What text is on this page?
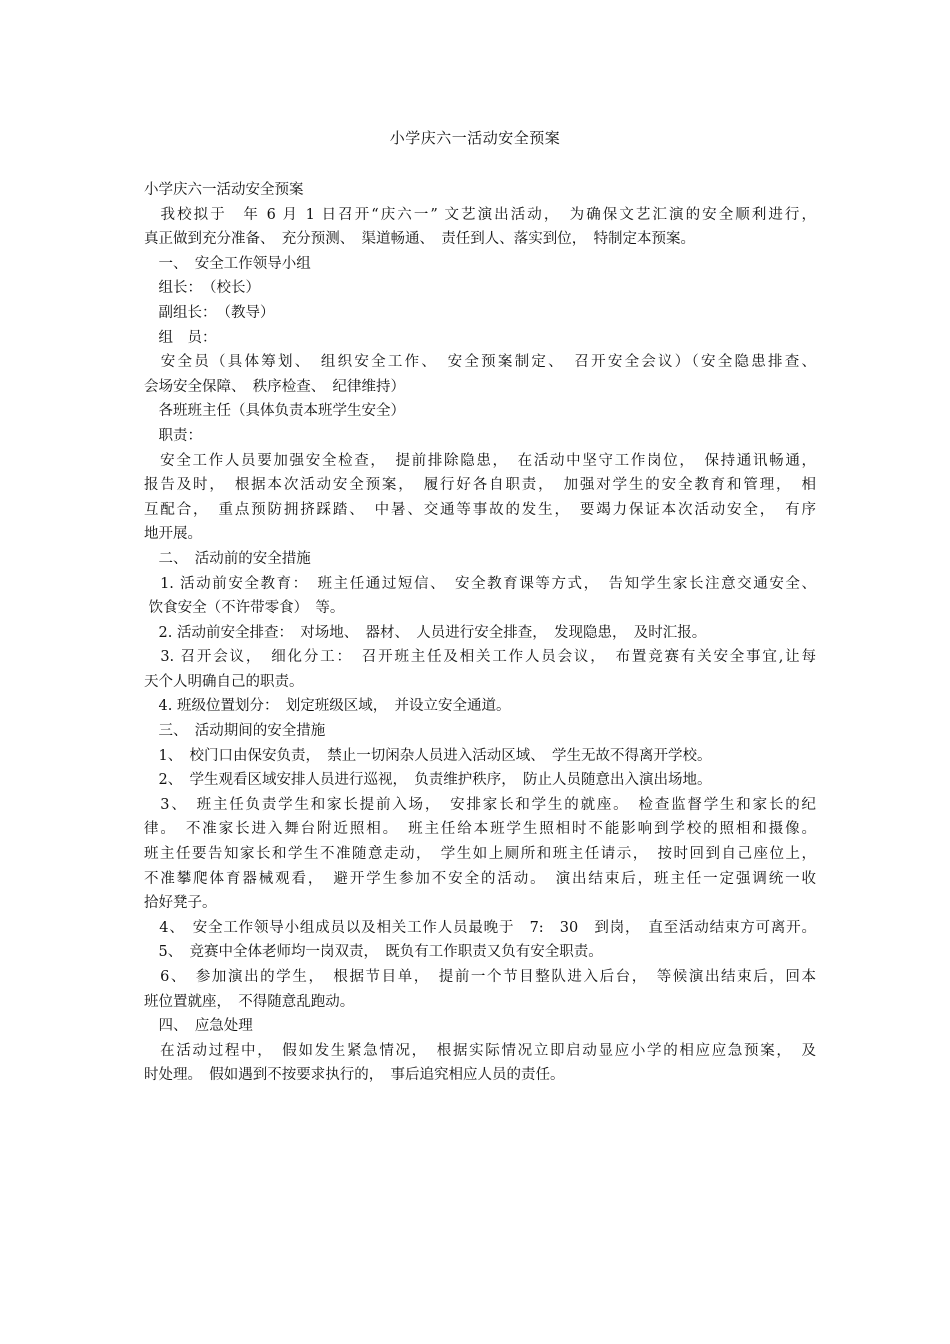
小学庆六一活动安全预案
小学庆六一活动安全预案
　我校拟于　年 6 月 1 日召开“庆六一” 文艺演出活动，　为确保文艺汇演的安全顺利进行，
真正做到充分准备、　充分预测、　渠道畅通、　责任到人、落实到位，　特制定本预案。
　一、　安全工作领导小组
　组长：　（校长）
　副组长：　（教导）
　组　员：
　安全员（具体筹划、　组织安全工作、　安全预案制定、　召开安全会议）（安全隐患排查、
会场安全保障、　秩序检查、　纪律维持）
　各班班主任（具体负责本班学生安全）
　职责：
　安全工作人员要加强安全检查，　提前排除隐患，　在活动中坚守工作岗位，　保持通讯畅通，
报告及时，　根据本次活动安全预案，　履行好各自职责，　加强对学生的安全教育和管理，　相
互配合，　重点预防拥挤踩踏、　中暑、交通等事故的发生，　要竭力保证本次活动安全，　有序
地开展。
　二、　活动前的安全措施
　1. 活动前安全教育：　班主任通过短信、　安全教育课等方式，　告知学生家长注意交通安全、
饮食安全（不许带零食）　等。
　2. 活动前安全排查：　对场地、　器材、　人员进行安全排查，　发现隐患，　及时汇报。
　3. 召开会议，　细化分工：　召开班主任及相关工作人员会议，　布置竞赛有关安全事宜,让每
天个人明确自己的职责。
　4. 班级位置划分：　划定班级区域，　并设立安全通道。
　三、　活动期间的安全措施
　1、　校门口由保安负责，　禁止一切闲杂人员进入活动区域、　学生无故不得离开学校。
　2、　学生观看区域安排人员进行巡视，　负责维护秩序，　防止人员随意出入演出场地。
　3、　班主任负责学生和家长提前入场，　安排家长和学生的就座。　检查监督学生和家长的纪
律。　不准家长进入舞台附近照相。　班主任给本班学生照相时不能影响到学校的照相和摄像。
班主任要告知家长和学生不准随意走动，　学生如上厕所和班主任请示，　按时回到自己座位上，
不准攀爬体育器械观看，　避开学生参加不安全的活动。　演出结束后，班主任一定强调统一收
拾好凳子。
　4、　安全工作领导小组成员以及相关工作人员最晚于　7:　30　到岗，　直至活动结束方可离开。
　5、　竞赛中全体老师均一岗双责，　既负有工作职责又负有安全职责。
　6、　参加演出的学生，　根据节目单，　提前一个节目整队进入后台，　等候演出结束后，回本
班位置就座，　不得随意乱跑动。
　四、　应急处理
　在活动过程中，　假如发生紧急情况，　根据实际情况立即启动显应小学的相应应急预案，　及
时处理。　假如遇到不按要求执行的，　事后追究相应人员的责任。
